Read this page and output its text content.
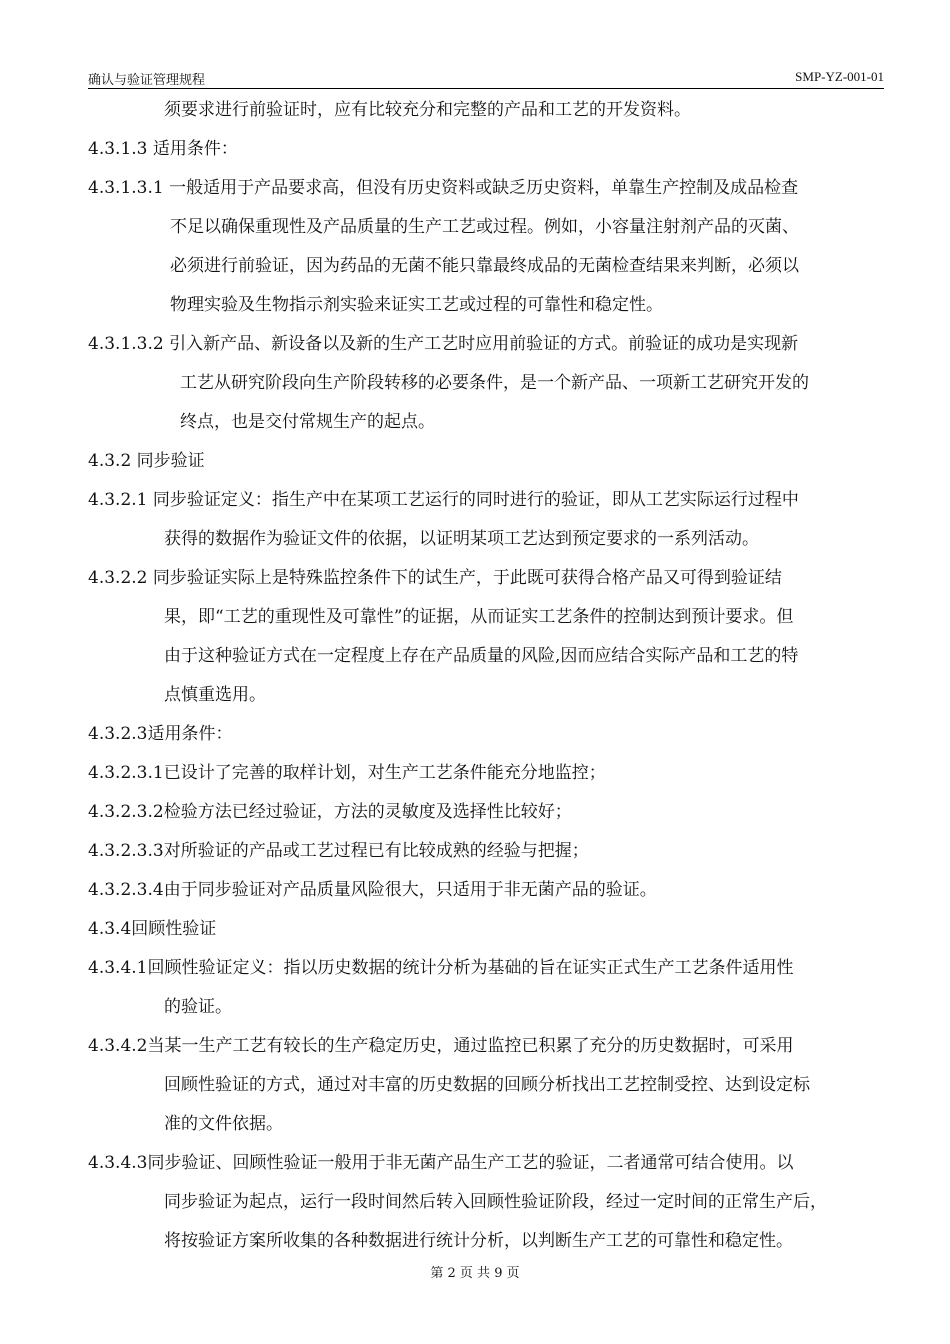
确认与验证管理规程	SMP-YZ-001-01

须要求进行前验证时，应有比较充分和完整的产品和工艺的开发资料。

4.3.1.3 适用条件：

4.3.1.3.1 一般适用于产品要求高，但没有历史资料或缺乏历史资料，单靠生产控制及成品检查

不足以确保重现性及产品质量的生产工艺或过程。例如，小容量注射剂产品的灭菌、

必须进行前验证，因为药品的无菌不能只靠最终成品的无菌检查结果来判断，必须以

物理实验及生物指示剂实验来证实工艺或过程的可靠性和稳定性。

4.3.1.3.2 引入新产品、新设备以及新的生产工艺时应用前验证的方式。前验证的成功是实现新

工艺从研究阶段向生产阶段转移的必要条件，是一个新产品、一项新工艺研究开发的

终点，也是交付常规生产的起点。

4.3.2 同步验证

4.3.2.1 同步验证定义：指生产中在某项工艺运行的同时进行的验证，即从工艺实际运行过程中

获得的数据作为验证文件的依据，以证明某项工艺达到预定要求的一系列活动。

4.3.2.2 同步验证实际上是特殊监控条件下的试生产，于此既可获得合格产品又可得到验证结

果，即“工艺的重现性及可靠性”的证据，从而证实工艺条件的控制达到预计要求。但

由于这种验证方式在一定程度上存在产品质量的风险,因而应结合实际产品和工艺的特

点慎重选用。

4.3.2.3适用条件：

4.3.2.3.1已设计了完善的取样计划，对生产工艺条件能充分地监控；

4.3.2.3.2检验方法已经过验证，方法的灵敏度及选择性比较好；

4.3.2.3.3对所验证的产品或工艺过程已有比较成熟的经验与把握；

4.3.2.3.4由于同步验证对产品质量风险很大，只适用于非无菌产品的验证。

4.3.4回顾性验证

4.3.4.1回顾性验证定义：指以历史数据的统计分析为基础的旨在证实正式生产工艺条件适用性

的验证。

4.3.4.2当某一生产工艺有较长的生产稳定历史，通过监控已积累了充分的历史数据时，可采用

回顾性验证的方式，通过对丰富的历史数据的回顾分析找出工艺控制受控、达到设定标

准的文件依据。

4.3.4.3同步验证、回顾性验证一般用于非无菌产品生产工艺的验证，二者通常可结合使用。以

同步验证为起点，运行一段时间然后转入回顾性验证阶段，经过一定时间的正常生产后，

将按验证方案所收集的各种数据进行统计分析，以判断生产工艺的可靠性和稳定性。

第 2 页 共 9 页
